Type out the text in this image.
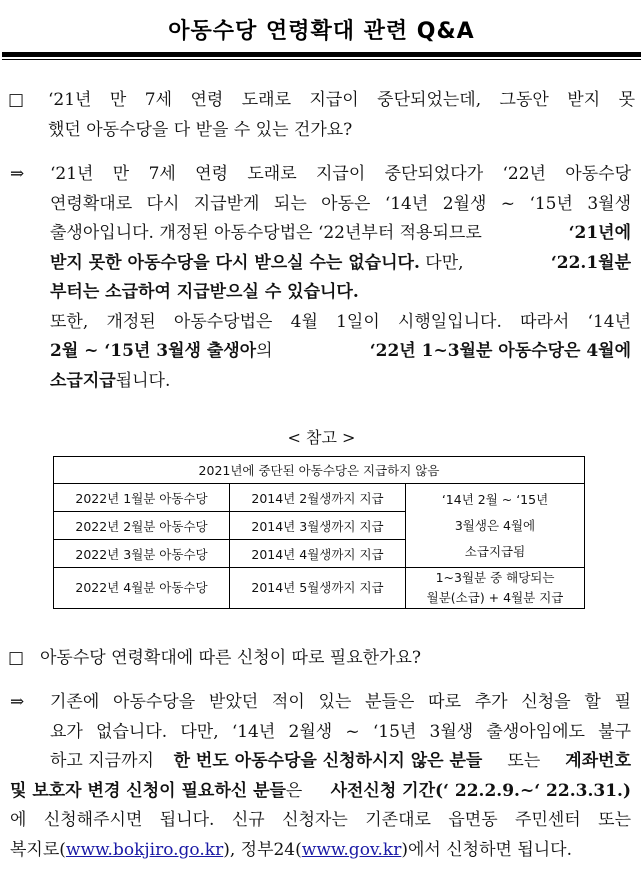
아동수당 연령확대 관련 Q&A
□	‘21년 만 7세 연령 도래로 지급이 중단되었는데, 그동안 받지 못
했던 아동수당을 다 받을 수 있는 건가요?
⇒	‘21년 만 7세 연령 도래로 지급이 중단되었다가 ‘22년 아동수당
연령확대로 다시 지급받게 되는 아동은 ‘14년 2월생 ~ ‘15년 3월생
출생아입니다. 개정된 아동수당법은 ‘22년부터 적용되므로	‘21년에
받지 못한 아동수당을 다시 받으실 수는 없습니다. 다만,	‘22.1월분
부터는 소급하여 지급받으실 수 있습니다.
또한, 개정된 아동수당법은 4월 1일이 시행일입니다. 따라서 ‘14년
2월 ~ ‘15년 3월생 출생아의	‘22년 1~3월분 아동수당은 4월에
소급지급됩니다.
< 참고 >
2021년에 중단된 아동수당은 지급하지 않음		
2022년 1월분 아동수당	2014년 2월생까지 지급	‘14년 2월 ~ ‘15년
3월생은 4월에
소급지급됨

2022년 2월분 아동수당	2014년 3월생까지 지급	
2022년 3월분 아동수당	2014년 4월생까지 지급	
2022년 4월분 아동수당	2014년 5월생까지 지급	1~3월분 중 해당되는
월분(소급) + 4월분 지급
□ 아동수당 연령확대에 따른 신청이 따로 필요한가요?
⇒	기존에 아동수당을 받았던 적이 있는 분들은 따로 추가 신청을 할 필
요가 없습니다. 다만, ‘14년 2월생 ~ ‘15년 3월생 출생아임에도 불구
하고 지금까지 한 번도 아동수당을 신청하시지 않은 분들 또는 계좌번호
및 보호자 변경 신청이 필요하신 분들은 사전신청 기간(‘ 22.2.9.~‘ 22.3.31.)
에 신청해주시면 됩니다. 신규 신청자는 기존대로 읍면동 주민센터 또는
복지로(www.bokjiro.go.kr), 정부24(www.gov.kr)에서 신청하면 됩니다.
